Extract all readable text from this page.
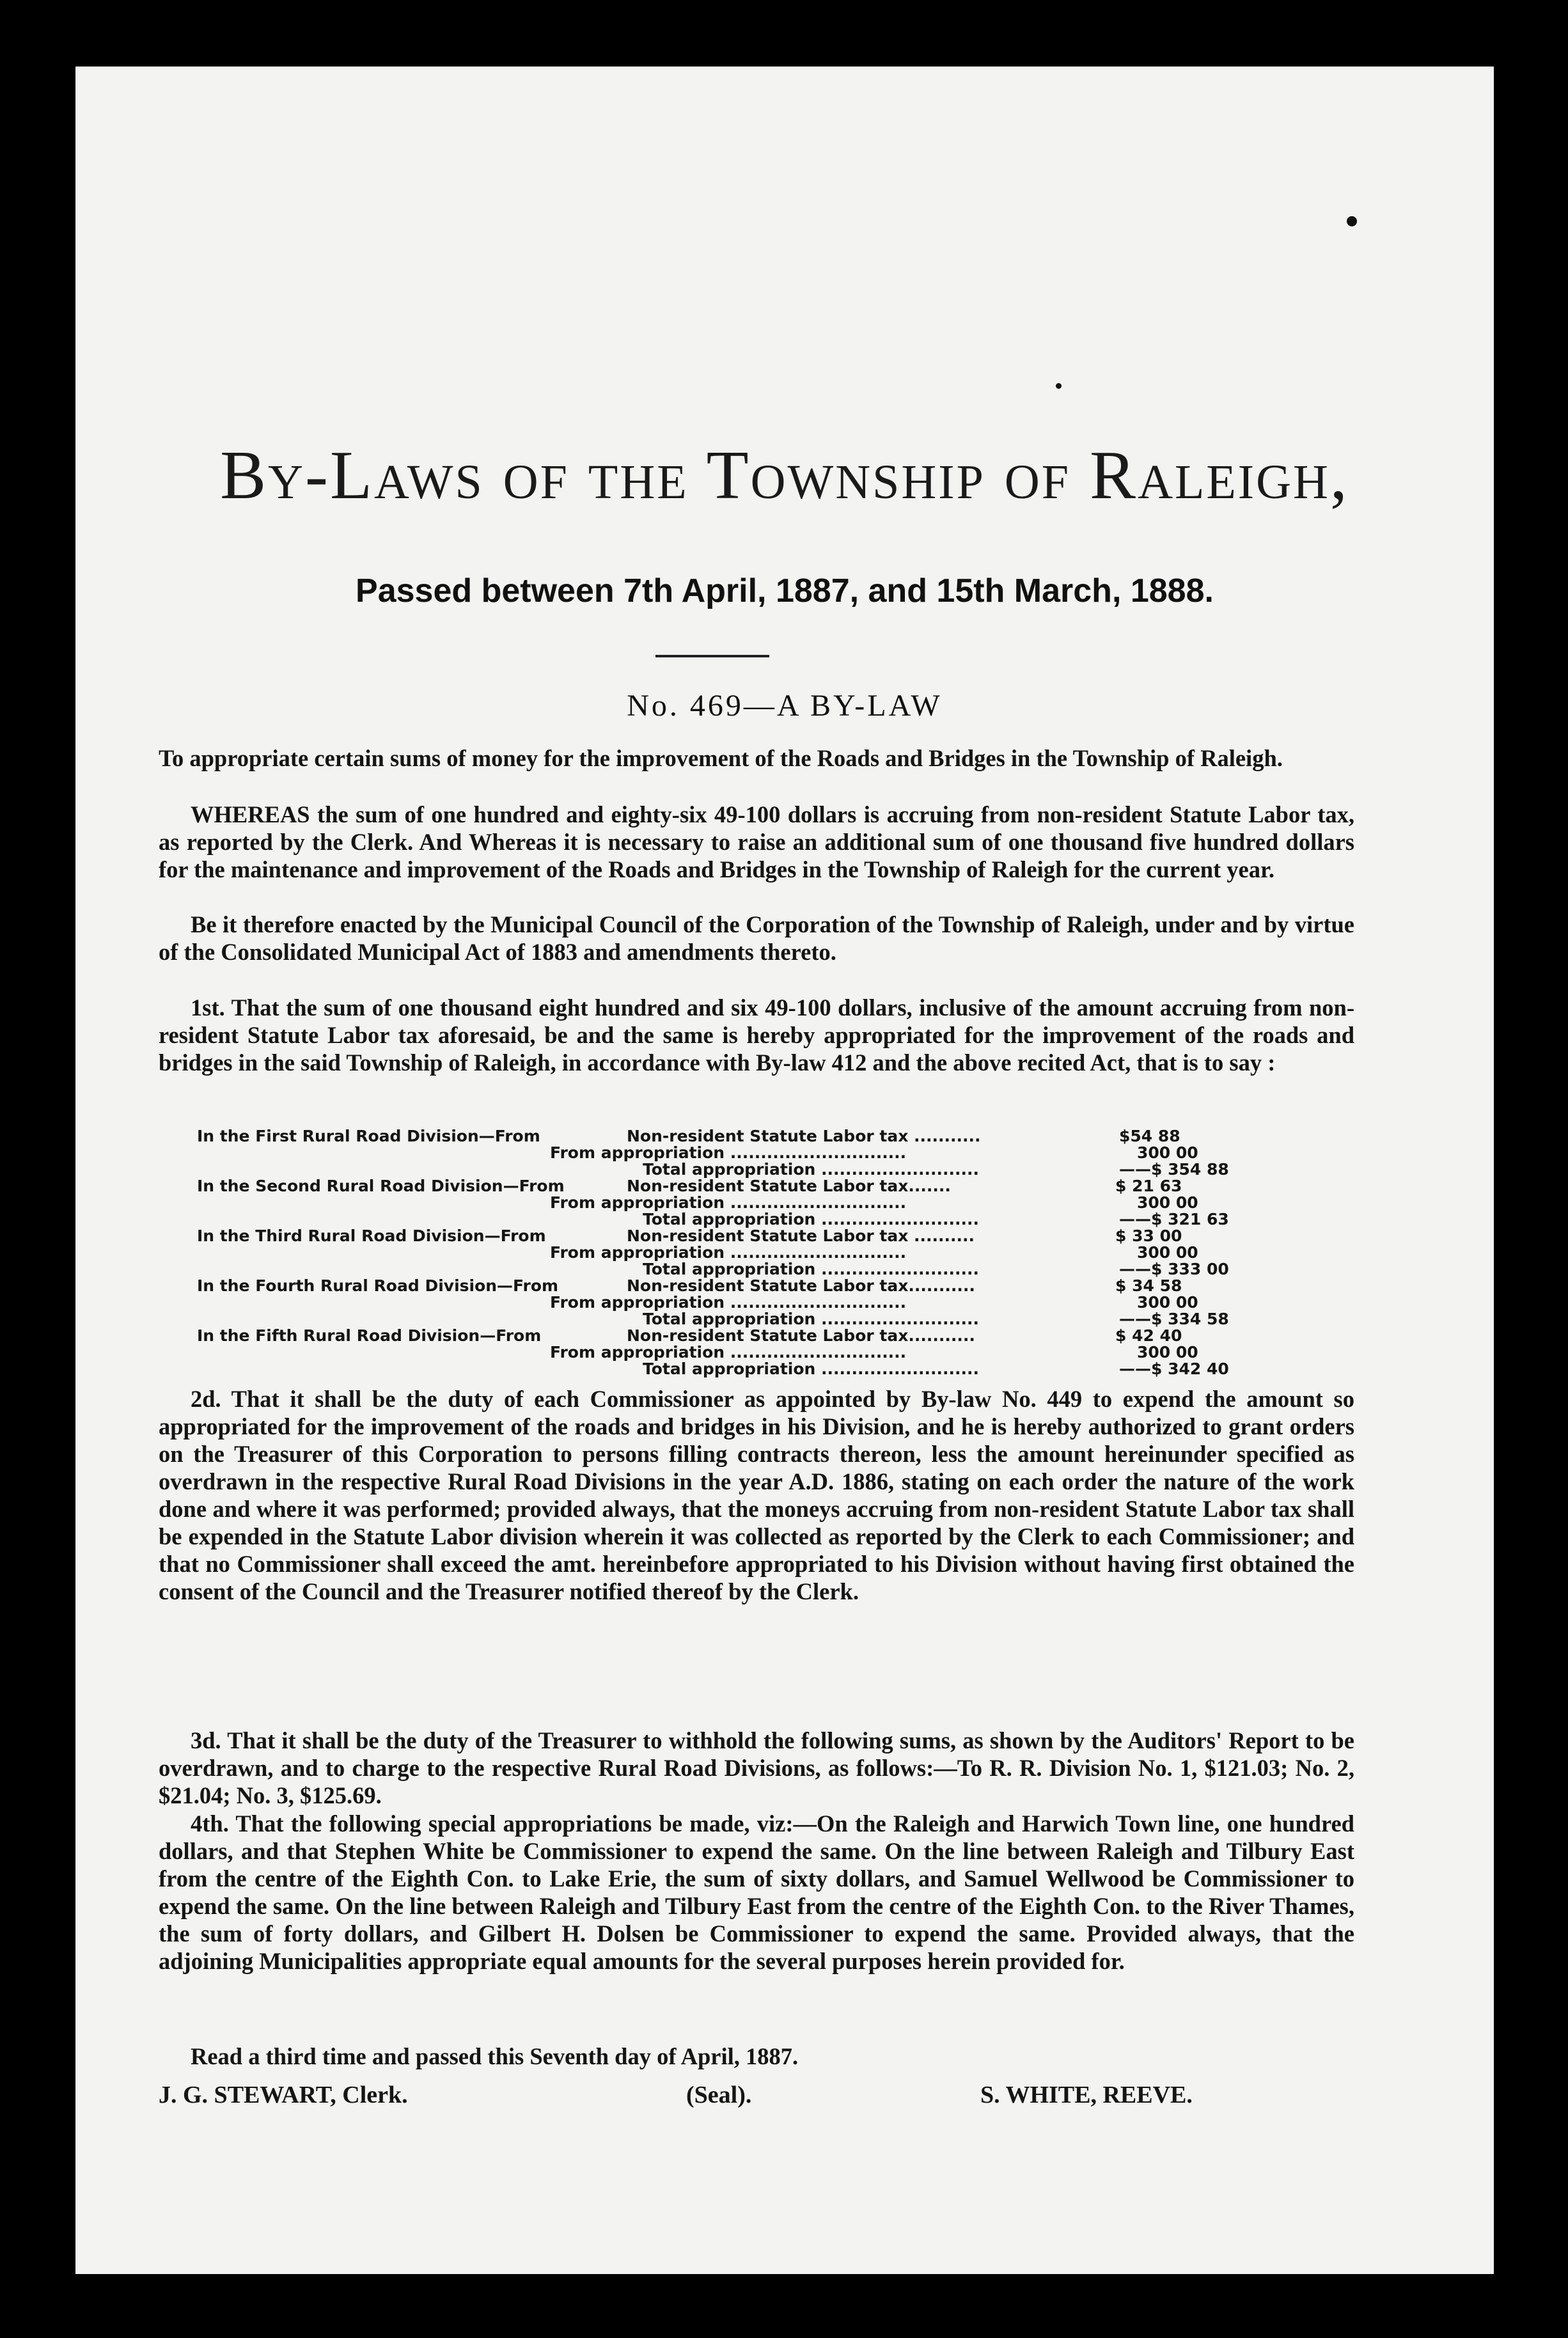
By-Laws of the Township of Raleigh,
Passed between 7th April, 1887, and 15th March, 1888.
No. 469—A BY-LAW
To appropriate certain sums of money for the improvement of the Roads and Bridges in the Township of Raleigh.
WHEREAS the sum of one hundred and eighty-six 49-100 dollars is accruing from non-resident Statute Labor tax, as reported by the Clerk. And Whereas it is necessary to raise an additional sum of one thousand five hundred dollars for the maintenance and improvement of the Roads and Bridges in the Township of Raleigh for the current year.
Be it therefore enacted by the Municipal Council of the Corporation of the Township of Raleigh, under and by virtue of the Consolidated Municipal Act of 1883 and amendments thereto.
1st. That the sum of one thousand eight hundred and six 49-100 dollars, inclusive of the amount accruing from non-resident Statute Labor tax aforesaid, be and the same is hereby appropriated for the improvement of the roads and bridges in the said Township of Raleigh, in accordance with By-law 412 and the above recited Act, that is to say :
In the First Rural Road Division—From	Non-resident Statute Labor tax ...........	$54 88
From appropriation .............................	300 00
Total appropriation ..........................	——$ 354 88
In the Second Rural Road Division—From	Non-resident Statute Labor tax.......	$ 21 63
From appropriation .............................	300 00
Total appropriation ..........................	——$ 321 63
In the Third Rural Road Division—From	Non-resident Statute Labor tax ..........	$ 33 00
From appropriation .............................	300 00
Total appropriation ..........................	——$ 333 00
In the Fourth Rural Road Division—From	Non-resident Statute Labor tax...........	$ 34 58
From appropriation .............................	300 00
Total appropriation ..........................	——$ 334 58
In the Fifth Rural Road Division—From	Non-resident Statute Labor tax...........	$ 42 40
From appropriation .............................	300 00
Total appropriation ..........................	——$ 342 40
2d. That it shall be the duty of each Commissioner as appointed by By-law No. 449 to expend the amount so appropriated for the improvement of the roads and bridges in his Division, and he is hereby authorized to grant orders on the Treasurer of this Corporation to persons filling contracts thereon, less the amount hereinunder specified as overdrawn in the respective Rural Road Divisions in the year A.D. 1886, stating on each order the nature of the work done and where it was performed; provided always, that the moneys accruing from non-resident Statute Labor tax shall be expended in the Statute Labor division wherein it was collected as reported by the Clerk to each Commissioner; and that no Commissioner shall exceed the amt. hereinbefore appropriated to his Division without having first obtained the consent of the Council and the Treasurer notified thereof by the Clerk.
3d. That it shall be the duty of the Treasurer to withhold the following sums, as shown by the Auditors' Report to be overdrawn, and to charge to the respective Rural Road Divisions, as follows:—To R. R. Division No. 1, $121.03; No. 2, $21.04; No. 3, $125.69.
4th. That the following special appropriations be made, viz:—On the Raleigh and Harwich Town line, one hundred dollars, and that Stephen White be Commissioner to expend the same. On the line between Raleigh and Tilbury East from the centre of the Eighth Con. to Lake Erie, the sum of sixty dollars, and Samuel Wellwood be Commissioner to expend the same. On the line between Raleigh and Tilbury East from the centre of the Eighth Con. to the River Thames, the sum of forty dollars, and Gilbert H. Dolsen be Commissioner to expend the same. Provided always, that the adjoining Municipalities appropriate equal amounts for the several purposes herein provided for.
Read a third time and passed this Seventh day of April, 1887.
J. G. STEWART, Clerk.	(Seal).	S. WHITE, REEVE.
